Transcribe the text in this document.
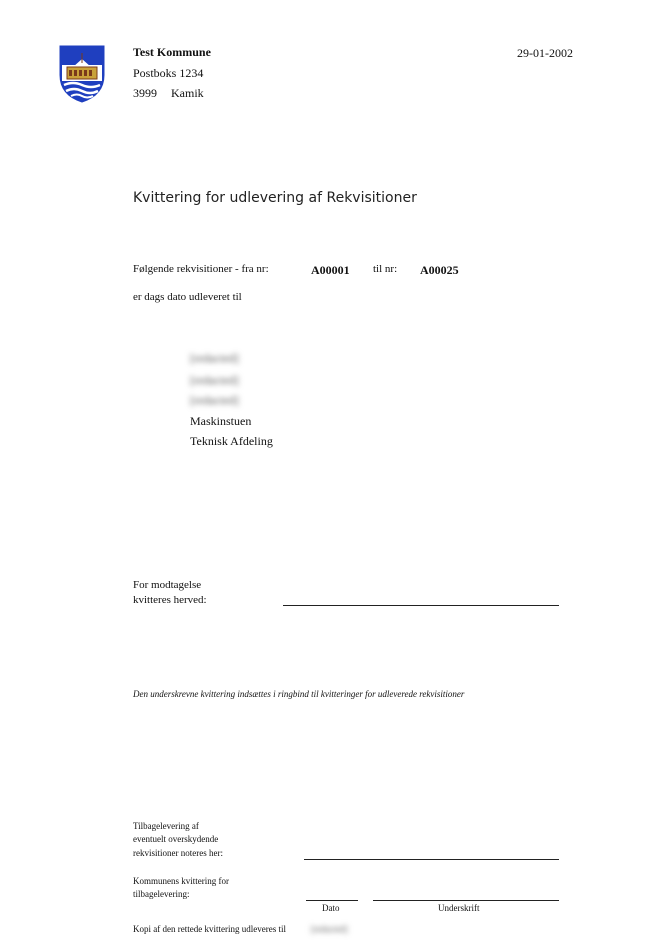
Test Kommune
Postboks 1234
3999 Kamik
29-01-2002
Kvittering for udlevering af Rekvisitioner
Følgende rekvisitioner - fra nr:	A00001 til nr: A00025
er dags dato udleveret til
[redacted]
[redacted]
[redacted]
Maskinstuen
Teknisk Afdeling
For modtagelse
kvitteres herved:
Den underskrevne kvittering indsættes i ringbind til kvitteringer for udleverede rekvisitioner
Tilbagelevering af
eventuelt overskydende
rekvisitioner noteres her:
Kommunens kvittering for
tilbagelevering:
Dato	Underskrift
Kopi af den rettede kvittering udleveres til	[redacted]
